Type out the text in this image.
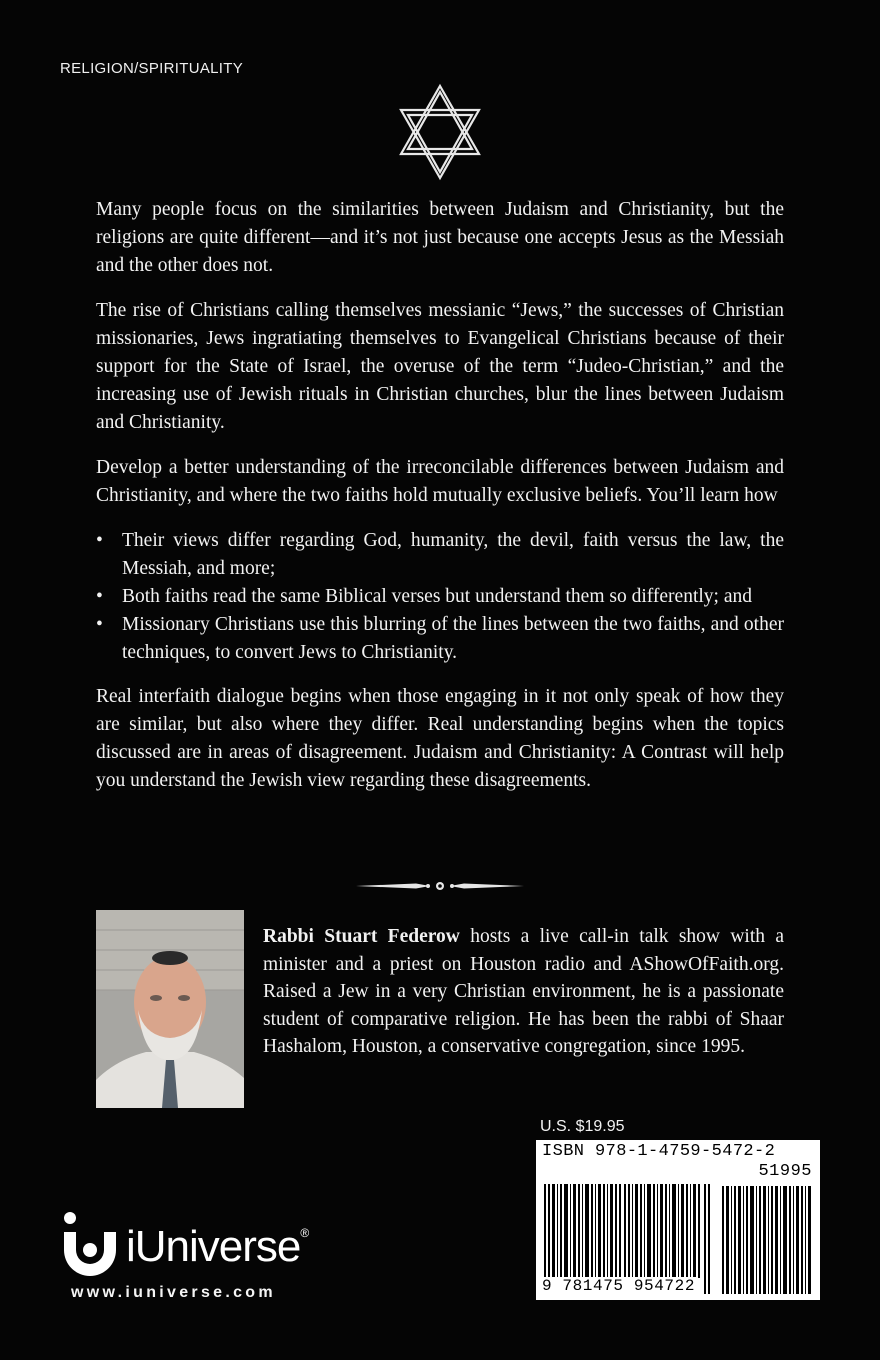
RELIGION/SPIRITUALITY

Many people focus on the similarities between Judaism and Christianity, but the religions are quite different—and it’s not just because one accepts Jesus as the Messiah and the other does not.

The rise of Christians calling themselves messianic “Jews,” the successes of Christian missionaries, Jews ingratiating themselves to Evangelical Christians because of their support for the State of Israel, the overuse of the term “Judeo-Christian,” and the increasing use of Jewish rituals in Christian churches, blur the lines between Judaism and Christianity.

Develop a better understanding of the irreconcilable differences between Judaism and Christianity, and where the two faiths hold mutually exclusive beliefs. You’ll learn how

• Their views differ regarding God, humanity, the devil, faith versus the law, the Messiah, and more;
• Both faiths read the same Biblical verses but understand them so differently; and
• Missionary Christians use this blurring of the lines between the two faiths, and other techniques, to convert Jews to Christianity.

Real interfaith dialogue begins when those engaging in it not only speak of how they are similar, but also where they differ. Real understanding begins when the topics discussed are in areas of disagreement. Judaism and Christianity: A Contrast will help you understand the Jewish view regarding these disagreements.

Rabbi Stuart Federow hosts a live call-in talk show with a minister and a priest on Houston radio and AShowOfFaith.org. Raised a Jew in a very Christian environment, he is a passionate student of comparative religion. He has been the rabbi of Shaar Hashalom, Houston, a conservative congregation, since 1995.

U.S. $19.95
ISBN 978-1-4759-5472-2
51995
9 781475 954722
iUniverse®
www.iuniverse.com
